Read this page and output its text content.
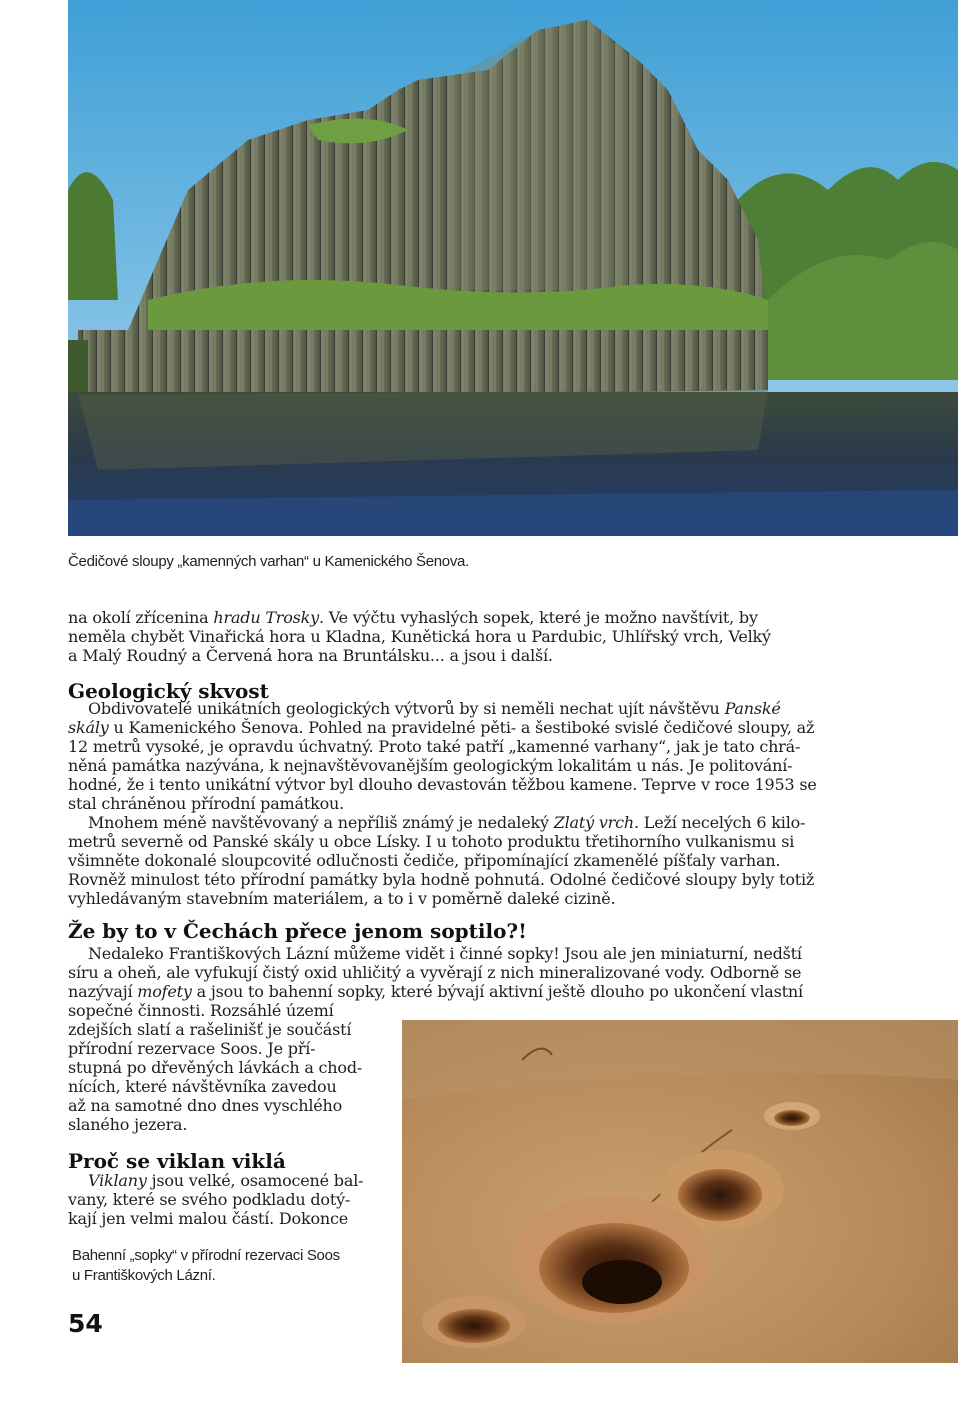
Čedičové sloupy „kamenných varhan“ u Kamenického Šenova.
na okolí zřícenina hradu Trosky. Ve výčtu vyhaslých sopek, které je možno navštívit, by
neměla chybět Vinařická hora u Kladna, Kunětická hora u Pardubic, Uhlířský vrch, Velký
a Malý Roudný a Červená hora na Bruntálsku... a jsou i další.
Geologický skvost
Obdivovatelé unikátních geologických výtvorů by si neměli nechat ujít návštěvu Panské
skály u Kamenického Šenova. Pohled na pravidelné pěti- a šestiboké svislé čedičové sloupy, až
12 metrů vysoké, je opravdu úchvatný. Proto také patří „kamenné varhany“, jak je tato chrá-
něná památka nazývána, k nejnavštěvovanějším geologickým lokalitám u nás. Je politování-
hodné, že i tento unikátní výtvor byl dlouho devastován těžbou kamene. Teprve v roce 1953 se
stal chráněnou přírodní památkou.
Mnohem méně navštěvovaný a nepříliš známý je nedaleký Zlatý vrch. Leží necelých 6 kilo-
metrů severně od Panské skály u obce Lísky. I u tohoto produktu třetihorního vulkanismu si
všimněte dokonalé sloupcovité odlučnosti čediče, připomínající zkamenělé píšťaly varhan.
Rovněž minulost této přírodní památky byla hodně pohnutá. Odolné čedičové sloupy byly totiž
vyhledávaným stavebním materiálem, a to i v poměrně daleké cizině.
Že by to v Čechách přece jenom soptilo?!
Nedaleko Františkových Lázní můžeme vidět i činné sopky! Jsou ale jen miniaturní, nedští
síru a oheň, ale vyfukují čistý oxid uhličitý a vyvěrají z nich mineralizované vody. Odborně se
nazývají mofety a jsou to bahenní sopky, které bývají aktivní ještě dlouho po ukončení vlastní
sopečné činnosti. Rozsáhlé území
zdejších slatí a rašelinišť je součástí
přírodní rezervace Soos. Je pří-
stupná po dřevěných lávkách a chod-
nících, které návštěvníka zavedou
až na samotné dno dnes vyschlého
slaného jezera.
Proč se viklan viklá
Viklany jsou velké, osamocené bal-
vany, které se svého podkladu dotý-
kají jen velmi malou částí. Dokonce
Bahenní „sopky“ v přírodní rezervaci Soos
u Františkových Lázní.
54
